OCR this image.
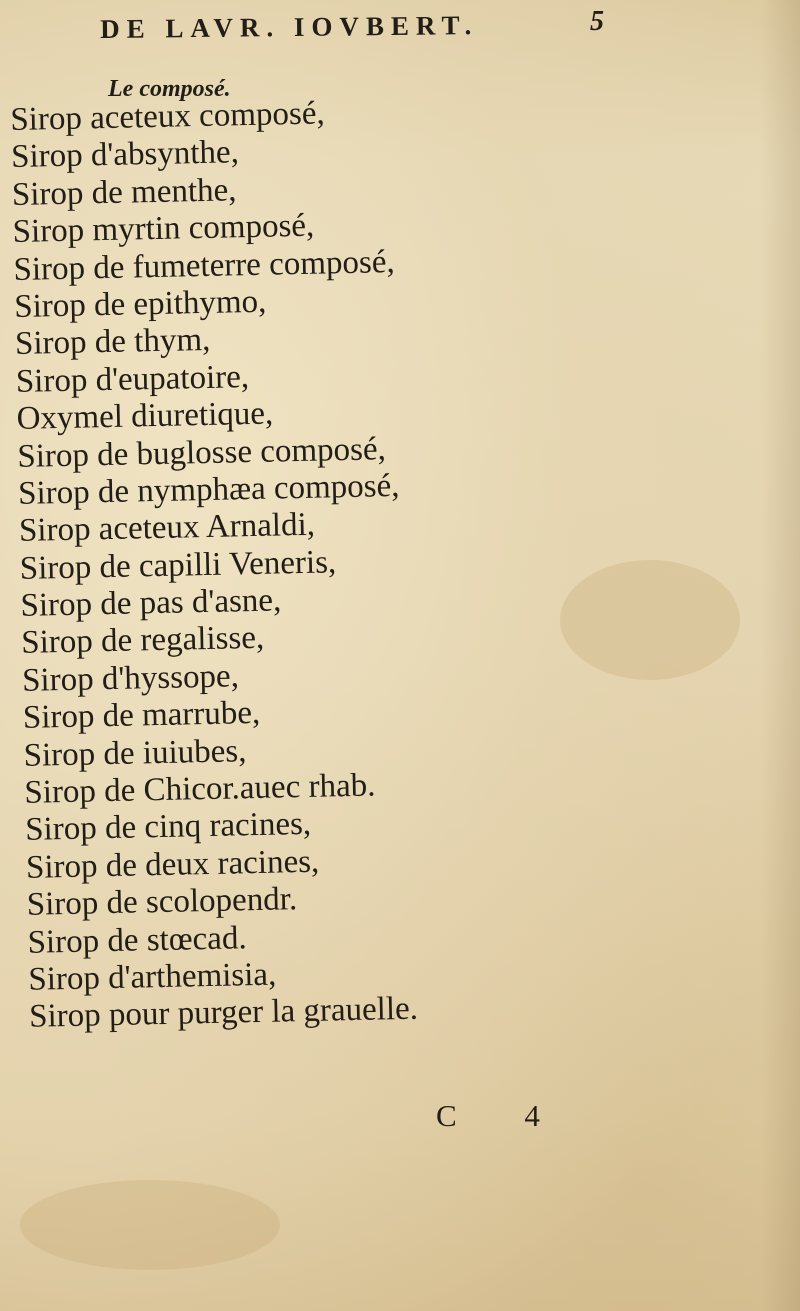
DE LAVR. IOVBERT.	5
Le composé.
Sirop aceteux composé,
Sirop d'absynthe,
Sirop de menthe,
Sirop myrtin composé,
Sirop de fumeterre composé,
Sirop de epithymo,
Sirop de thym,
Sirop d'eupatoire,
Oxymel diuretique,
Sirop de buglosse composé,
Sirop de nymphæa composé,
Sirop aceteux Arnaldi,
Sirop de capilli Veneris,
Sirop de pas d'asne,
Sirop de regalisse,
Sirop d'hyssope,
Sirop de marrube,
Sirop de iuiubes,
Sirop de Chicor.auec rhab.
Sirop de cinq racines,
Sirop de deux racines,
Sirop de scolopendr.
Sirop de stœcad.
Sirop d'arthemisia,
Sirop pour purger la grauelle.
C 4
